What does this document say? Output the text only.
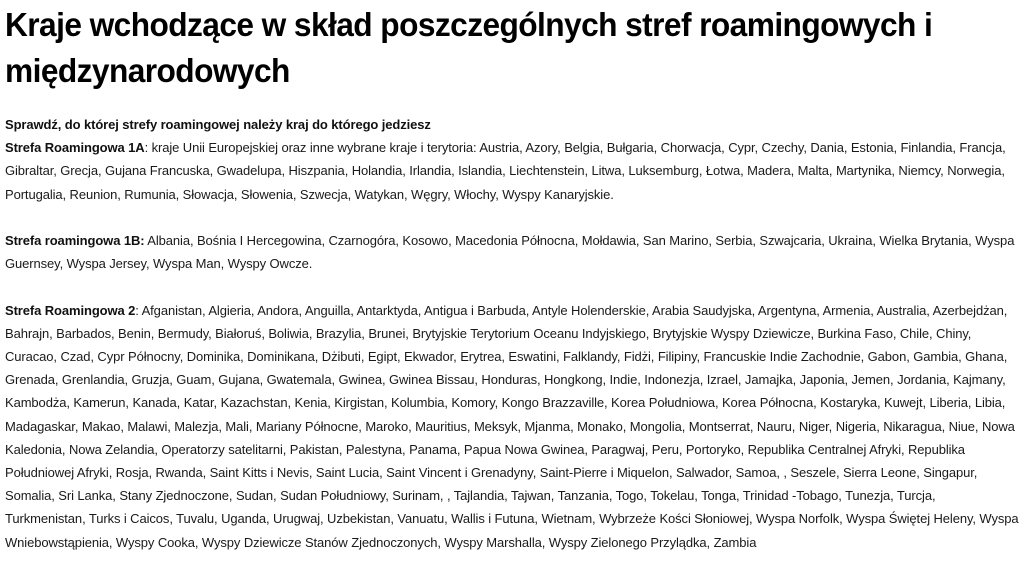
Kraje wchodzące w skład poszczególnych stref roamingowych i międzynarodowych

Sprawdź, do której strefy roamingowej należy kraj do którego jedziesz

Strefa Roamingowa 1A: kraje Unii Europejskiej oraz inne wybrane kraje i terytoria: Austria, Azory, Belgia, Bułgaria, Chorwacja, Cypr, Czechy, Dania, Estonia, Finlandia, Francja, Gibraltar, Grecja, Gujana Francuska, Gwadelupa, Hiszpania, Holandia, Irlandia, Islandia, Liechtenstein, Litwa, Luksemburg, Łotwa, Madera, Malta, Martynika, Niemcy, Norwegia, Portugalia, Reunion, Rumunia, Słowacja, Słowenia, Szwecja, Watykan, Węgry, Włochy, Wyspy Kanaryjskie.

Strefa roamingowa 1B: Albania, Bośnia I Hercegowina, Czarnogóra, Kosowo, Macedonia Północna, Mołdawia, San Marino, Serbia, Szwajcaria, Ukraina, Wielka Brytania, Wyspa Guernsey, Wyspa Jersey, Wyspa Man, Wyspy Owcze.

Strefa Roamingowa 2: Afganistan, Algieria, Andora, Anguilla, Antarktyda, Antigua i Barbuda, Antyle Holenderskie, Arabia Saudyjska, Argentyna, Armenia, Australia, Azerbejdżan, Bahrajn, Barbados, Benin, Bermudy, Białoruś, Boliwia, Brazylia, Brunei, Brytyjskie Terytorium Oceanu Indyjskiego, Brytyjskie Wyspy Dziewicze, Burkina Faso, Chile, Chiny, Curacao, Czad, Cypr Północny, Dominika, Dominikana, Dżibuti, Egipt, Ekwador, Erytrea, Eswatini, Falklandy, Fidżi, Filipiny, Francuskie Indie Zachodnie, Gabon, Gambia, Ghana, Grenada, Grenlandia, Gruzja, Guam, Gujana, Gwatemala, Gwinea, Gwinea Bissau, Honduras, Hongkong, Indie, Indonezja, Izrael, Jamajka, Japonia, Jemen, Jordania, Kajmany, Kambodża, Kamerun, Kanada, Katar, Kazachstan, Kenia, Kirgistan, Kolumbia, Komory, Kongo Brazzaville, Korea Południowa, Korea Północna, Kostaryka, Kuwejt, Liberia, Libia, Madagaskar, Makao, Malawi, Malezja, Mali, Mariany Północne, Maroko, Mauritius, Meksyk, Mjanma, Monako, Mongolia, Montserrat, Nauru, Niger, Nigeria, Nikaragua, Niue, Nowa Kaledonia, Nowa Zelandia, Operatorzy satelitarni, Pakistan, Palestyna, Panama, Papua Nowa Gwinea, Paragwaj, Peru, Portoryko, Republika Centralnej Afryki, Republika Południowej Afryki, Rosja, Rwanda, Saint Kitts i Nevis, Saint Lucia, Saint Vincent i Grenadyny, Saint-Pierre i Miquelon, Salwador, Samoa, , Seszele, Sierra Leone, Singapur, Somalia, Sri Lanka, Stany Zjednoczone, Sudan, Sudan Południowy, Surinam, , Tajlandia, Tajwan, Tanzania, Togo, Tokelau, Tonga, Trinidad -Tobago, Tunezja, Turcja, Turkmenistan, Turks i Caicos, Tuvalu, Uganda, Urugwaj, Uzbekistan, Vanuatu, Wallis i Futuna, Wietnam, Wybrzeże Kości Słoniowej, Wyspa Norfolk, Wyspa Świętej Heleny, Wyspa Wniebowstąpienia, Wyspy Cooka, Wyspy Dziewicze Stanów Zjednoczonych, Wyspy Marshalla, Wyspy Zielonego Przylądka, Zambia
